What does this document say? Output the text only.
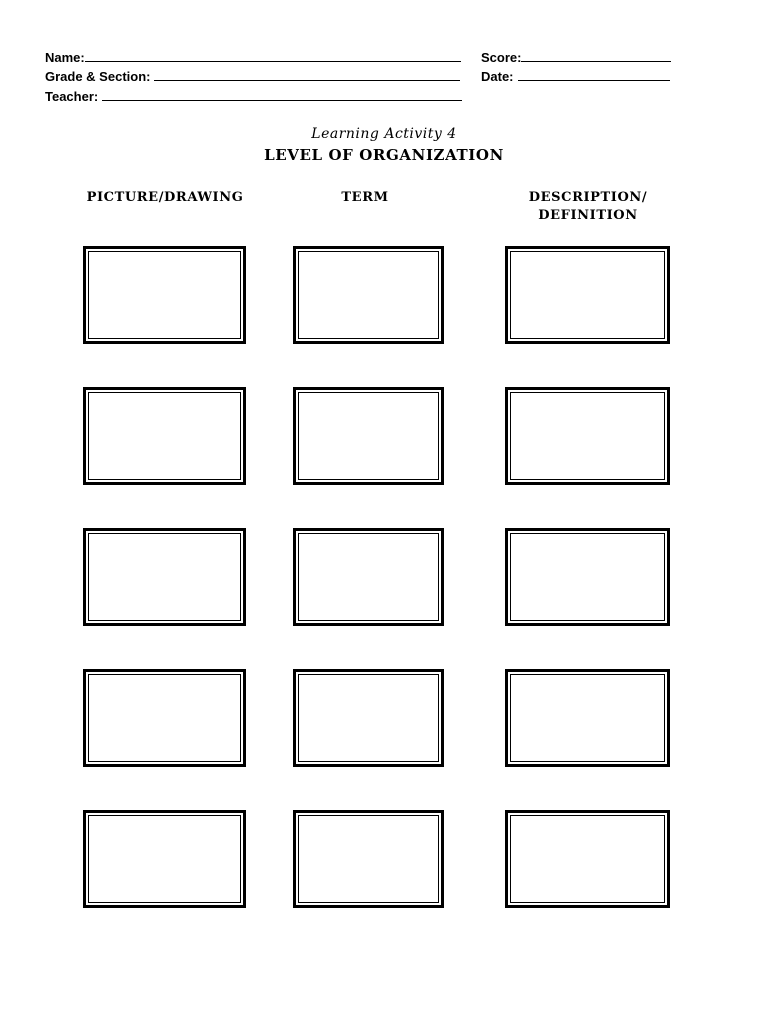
Name:
Grade & Section:
Teacher:
Score:
Date:
Learning Activity 4
LEVEL OF ORGANIZATION
PICTURE/DRAWING	TERM	DESCRIPTION/
DEFINITION
